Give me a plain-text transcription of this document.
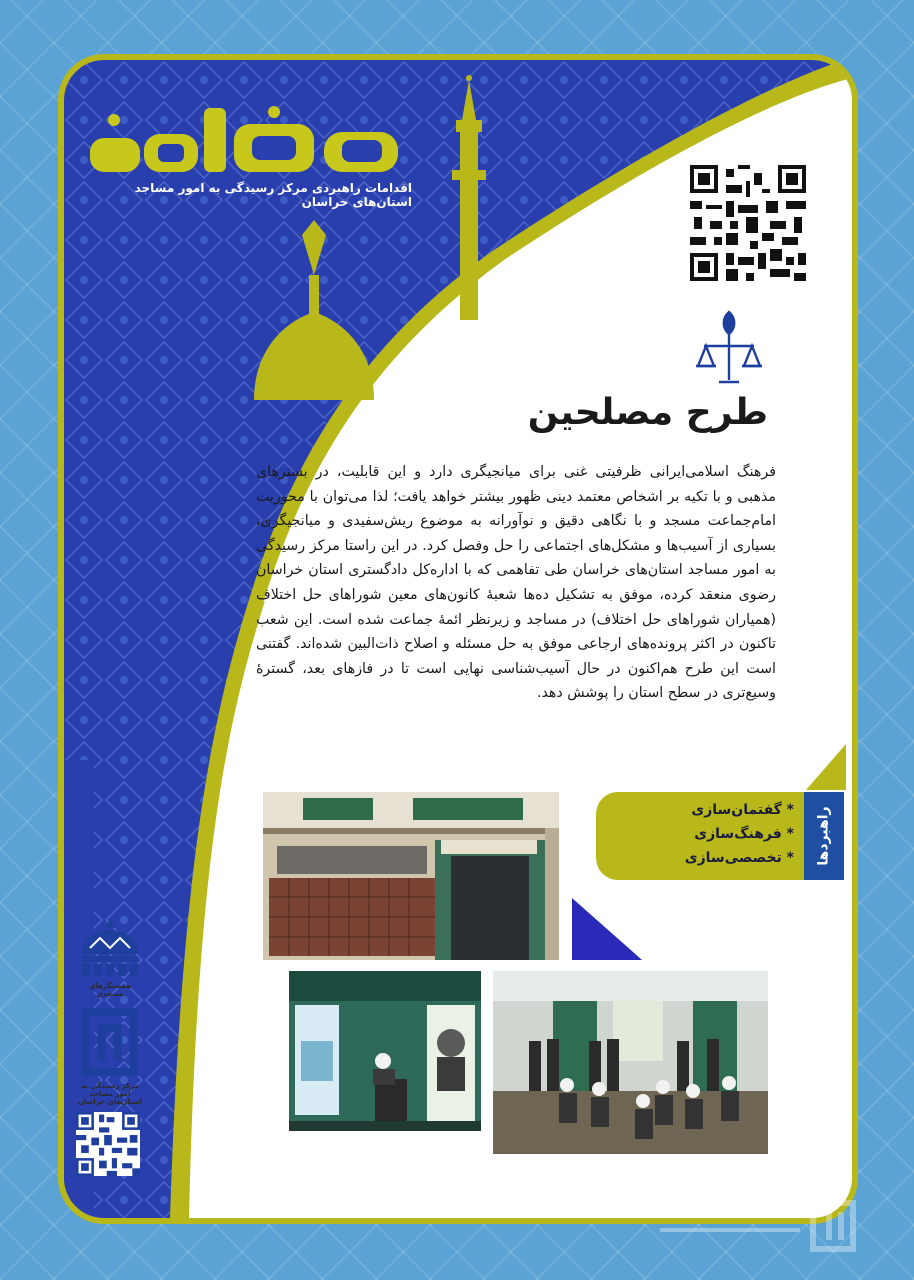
اقدامات راهبردی مرکز رسیدگی به امور مساجد استان‌های خراسان
طرح مصلحین

فرهنگ اسلامی‌ایرانی ظرفیتی غنی برای میانجیگری دارد و این قابلیت، در بسترهای مذهبی و با تکیه بر اشخاص معتمد دینی ظهور بیشتر خواهد یافت؛ لذا می‌توان با محوریت امام‌جماعت مسجد و با نگاهی دقیق و نوآورانه به موضوع ریش‌سفیدی و میانجیگری، بسیاری از آسیب‌ها و مشکل‌های اجتماعی را حل وفصل کرد. در این راستا مرکز رسیدگی به امور مساجد استان‌های خراسان طی تفاهمی که با اداره‌کل دادگستری استان خراسان رضوی منعقد کرده، موفق به تشکیل ده‌ها شعبهٔ کانون‌های معین شوراهای حل اختلاف (همیاران شوراهای حل اختلاف) در مساجد و زیرنظر ائمهٔ جماعت شده است. این شعب تاکنون در اکثر پرونده‌های ارجاعی موفق به حل مسئله و اصلاح ذات‌البین شده‌اند. گفتنی است این طرح هم‌اکنون در حال آسیب‌شناسی نهایی است تا در فازهای بعد، گسترهٔ وسیع‌تری در سطح استان را پوشش دهد.

* گفتمان‌سازی
* فرهنگ‌سازی
* تخصصی‌سازی راهبردها
همسنگرهای مسجدی
مرکز رسیدگی به امور مساجد استان‌های خراسان
